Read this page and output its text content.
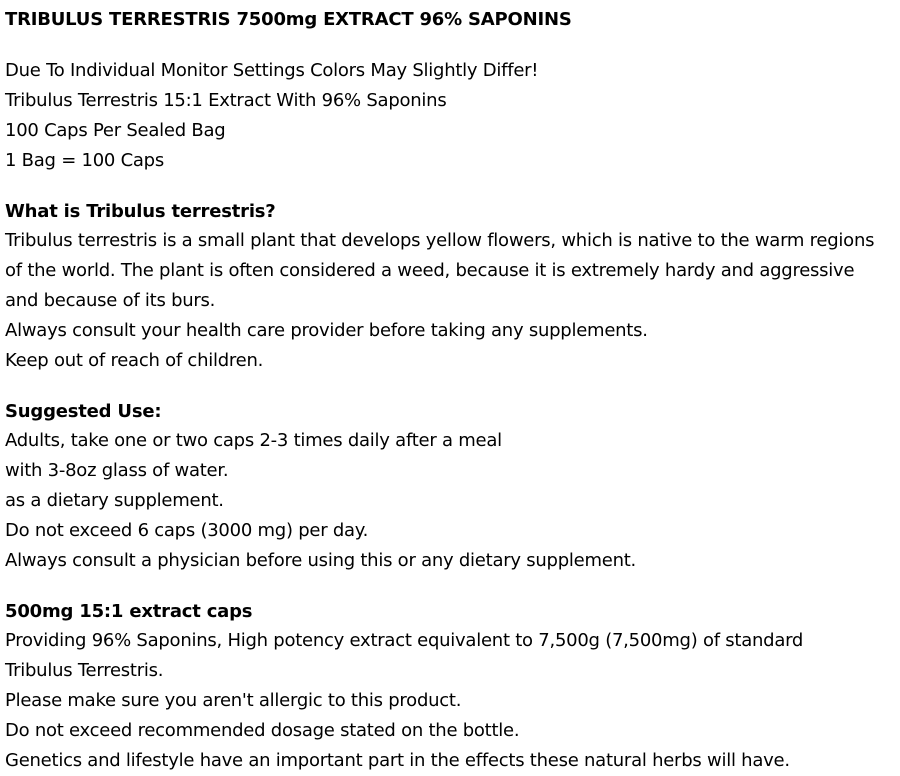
TRIBULUS TERRESTRIS 7500mg EXTRACT 96% SAPONINS
Due To Individual Monitor Settings Colors May Slightly Differ!
Tribulus Terrestris 15:1 Extract With 96% Saponins
100 Caps Per Sealed Bag
1 Bag = 100 Caps
What is Tribulus terrestris?
Tribulus terrestris is a small plant that develops yellow flowers, which is native to the warm regions
of the world. The plant is often considered a weed, because it is extremely hardy and aggressive
and because of its burs.
Always consult your health care provider before taking any supplements.
Keep out of reach of children.
Suggested Use:
Adults, take one or two caps 2-3 times daily after a meal
with 3-8oz glass of water.
as a dietary supplement.
Do not exceed 6 caps (3000 mg) per day.
Always consult a physician before using this or any dietary supplement.
500mg 15:1 extract caps
Providing 96% Saponins, High potency extract equivalent to 7,500g (7,500mg) of standard
Tribulus Terrestris.
Please make sure you aren't allergic to this product.
Do not exceed recommended dosage stated on the bottle.
Genetics and lifestyle have an important part in the effects these natural herbs will have.
